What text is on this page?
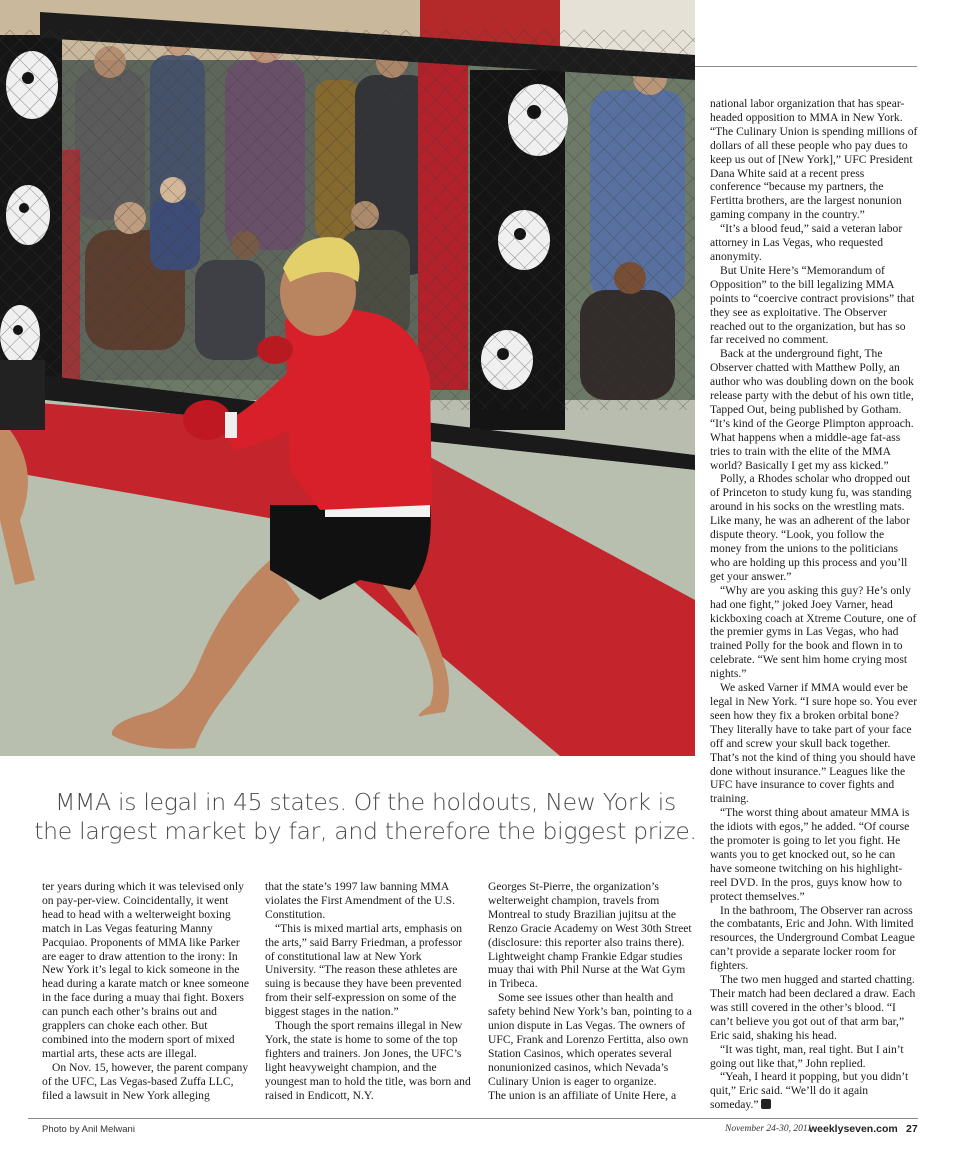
national labor organization that has spear-headed opposition to MMA in New York. “The Culinary Union is spending millions of dollars of all these people who pay dues to keep us out of [New York],” UFC President Dana White said at a recent press conference “because my partners, the Fertitta brothers, are the largest nonunion gaming company in the country.”

“It’s a blood feud,” said a veteran labor attorney in Las Vegas, who requested anonymity.

But Unite Here’s “Memorandum of Opposition” to the bill legalizing MMA points to “coercive contract provisions” that they see as exploitative. The Observer reached out to the organization, but has so far received no comment.

Back at the underground fight, The Observer chatted with Matthew Polly, an author who was doubling down on the book release party with the debut of his own title, Tapped Out, being published by Gotham. “It’s kind of the George Plimpton approach. What happens when a middle-age fat-ass tries to train with the elite of the MMA world? Basically I get my ass kicked.”

Polly, a Rhodes scholar who dropped out of Princeton to study kung fu, was standing around in his socks on the wrestling mats. Like many, he was an adherent of the labor dispute theory. “Look, you follow the money from the unions to the politicians who are holding up this process and you’ll get your answer.”

“Why are you asking this guy? He’s only had one fight,” joked Joey Varner, head kickboxing coach at Xtreme Couture, one of the premier gyms in Las Vegas, who had trained Polly for the book and flown in to celebrate. “We sent him home crying most nights.”

We asked Varner if MMA would ever be legal in New York. “I sure hope so. You ever seen how they fix a broken orbital bone? They literally have to take part of your face off and screw your skull back together. That’s not the kind of thing you should have done without insurance.” Leagues like the UFC have insurance to cover fights and training.

“The worst thing about amateur MMA is the idiots with egos,” he added. “Of course the promoter is going to let you fight. He wants you to get knocked out, so he can have someone twitching on his highlight-reel DVD. In the pros, guys know how to protect themselves.”

In the bathroom, The Observer ran across the combatants, Eric and John. With limited resources, the Underground Combat League can’t provide a separate locker room for fighters.

The two men hugged and started chatting. Their match had been declared a draw. Each was still covered in the other’s blood. “I can’t believe you got out of that arm bar,” Eric said, shaking his head.

“It was tight, man, real tight. But I ain’t going out like that,” John replied.

“Yeah, I heard it popping, but you didn’t quit,” Eric said. “We’ll do it again someday.”

MMA is legal in 45 states. Of the holdouts, New York is
the largest market by far, and therefore the biggest prize.

ter years during which it was televised only on pay-per-view. Coincidentally, it went head to head with a welterweight boxing match in Las Vegas featuring Manny Pacquiao. Proponents of MMA like Parker are eager to draw attention to the irony: In New York it’s legal to kick someone in the head during a karate match or knee someone in the face during a muay thai fight. Boxers can punch each other’s brains out and grapplers can choke each other. But combined into the modern sport of mixed martial arts, these acts are illegal.

On Nov. 15, however, the parent company of the UFC, Las Vegas-based Zuffa LLC, filed a lawsuit in New York alleging

that the state’s 1997 law banning MMA violates the First Amendment of the U.S. Constitution.

“This is mixed martial arts, emphasis on the arts,” said Barry Friedman, a professor of constitutional law at New York University. “The reason these athletes are suing is because they have been prevented from their self-expression on some of the biggest stages in the nation.”

Though the sport remains illegal in New York, the state is home to some of the top fighters and trainers. Jon Jones, the UFC’s light heavyweight champion, and the youngest man to hold the title, was born and raised in Endicott, N.Y.

Georges St-Pierre, the organization’s welterweight champion, travels from Montreal to study Brazilian jujitsu at the Renzo Gracie Academy on West 30th Street (disclosure: this reporter also trains there). Lightweight champ Frankie Edgar studies muay thai with Phil Nurse at the Wat Gym in Tribeca.

Some see issues other than health and safety behind New York’s ban, pointing to a union dispute in Las Vegas. The owners of UFC, Frank and Lorenzo Fertitta, also own Station Casinos, which operates several nonunionized casinos, which Nevada’s Culinary Union is eager to organize.

The union is an affiliate of Unite Here, a

Photo by Anil Melwani	November 24-30, 2011
weeklyseven.com 27
